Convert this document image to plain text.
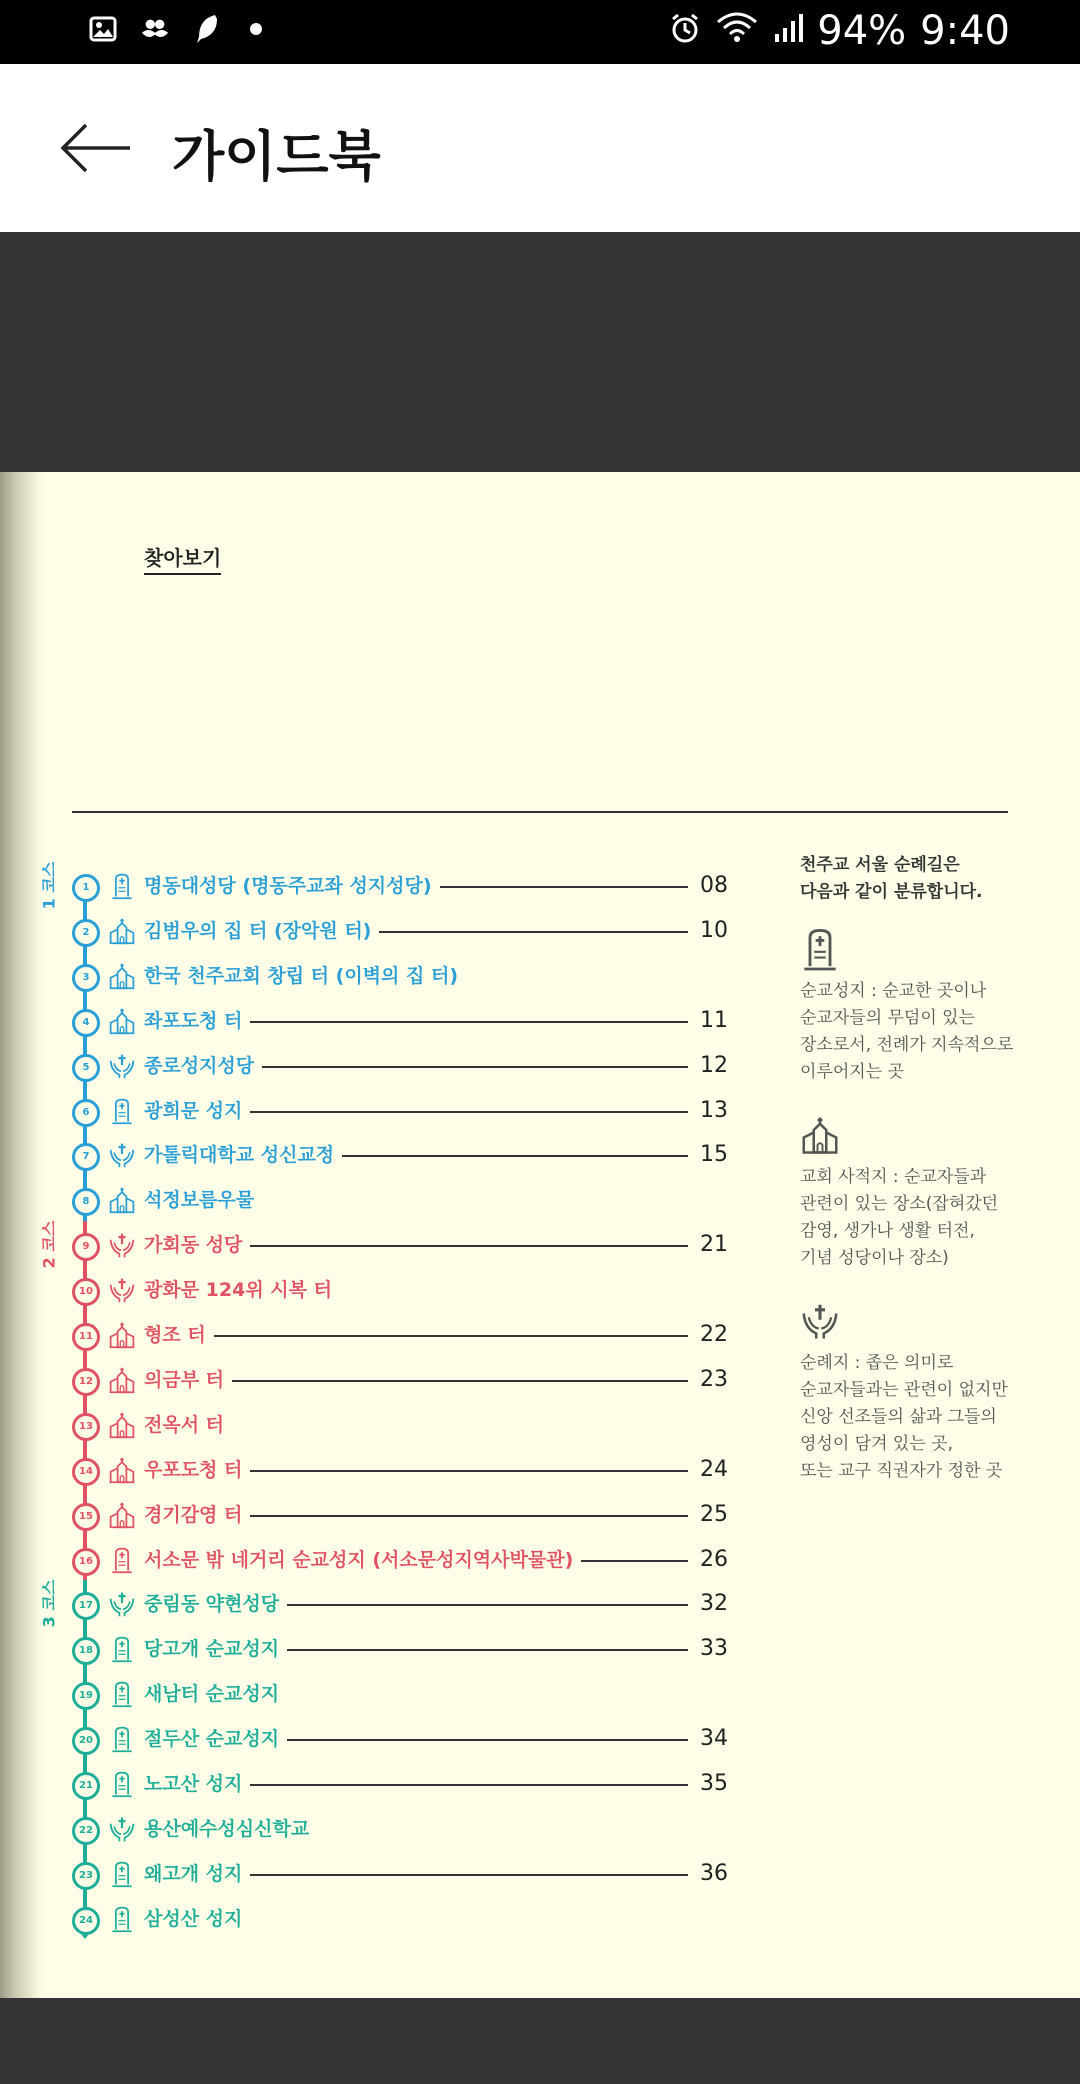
94% 9:40
가이드북
찾아보기
1 코스
2 코스
3 코스
1	명동대성당 (명동주교좌 성지성당)	08
2	김범우의 집 터 (장악원 터)	10
3	한국 천주교회 창립 터 (이벽의 집 터)
4	좌포도청 터	11
5	종로성지성당	12
6	광희문 성지	13
7	가톨릭대학교 성신교정	15
8	석정보름우물
9	가회동 성당	21
10	광화문 124위 시복 터
11	형조 터	22
12	의금부 터	23
13	전옥서 터
14	우포도청 터	24
15	경기감영 터	25
16	서소문 밖 네거리 순교성지 (서소문성지역사박물관)	26
17	중림동 약현성당	32
18	당고개 순교성지	33
19	새남터 순교성지
20	절두산 순교성지	34
21	노고산 성지	35
22	용산예수성심신학교
23	왜고개 성지	36
24	삼성산 성지
천주교 서울 순례길은
다음과 같이 분류합니다.
순교성지 : 순교한 곳이나
순교자들의 무덤이 있는
장소로서, 전례가 지속적으로
이루어지는 곳
교회 사적지 : 순교자들과
관련이 있는 장소(잡혀갔던
감영, 생가나 생활 터전,
기념 성당이나 장소)
순례지 : 좁은 의미로
순교자들과는 관련이 없지만
신앙 선조들의 삶과 그들의
영성이 담겨 있는 곳,
또는 교구 직권자가 정한 곳
